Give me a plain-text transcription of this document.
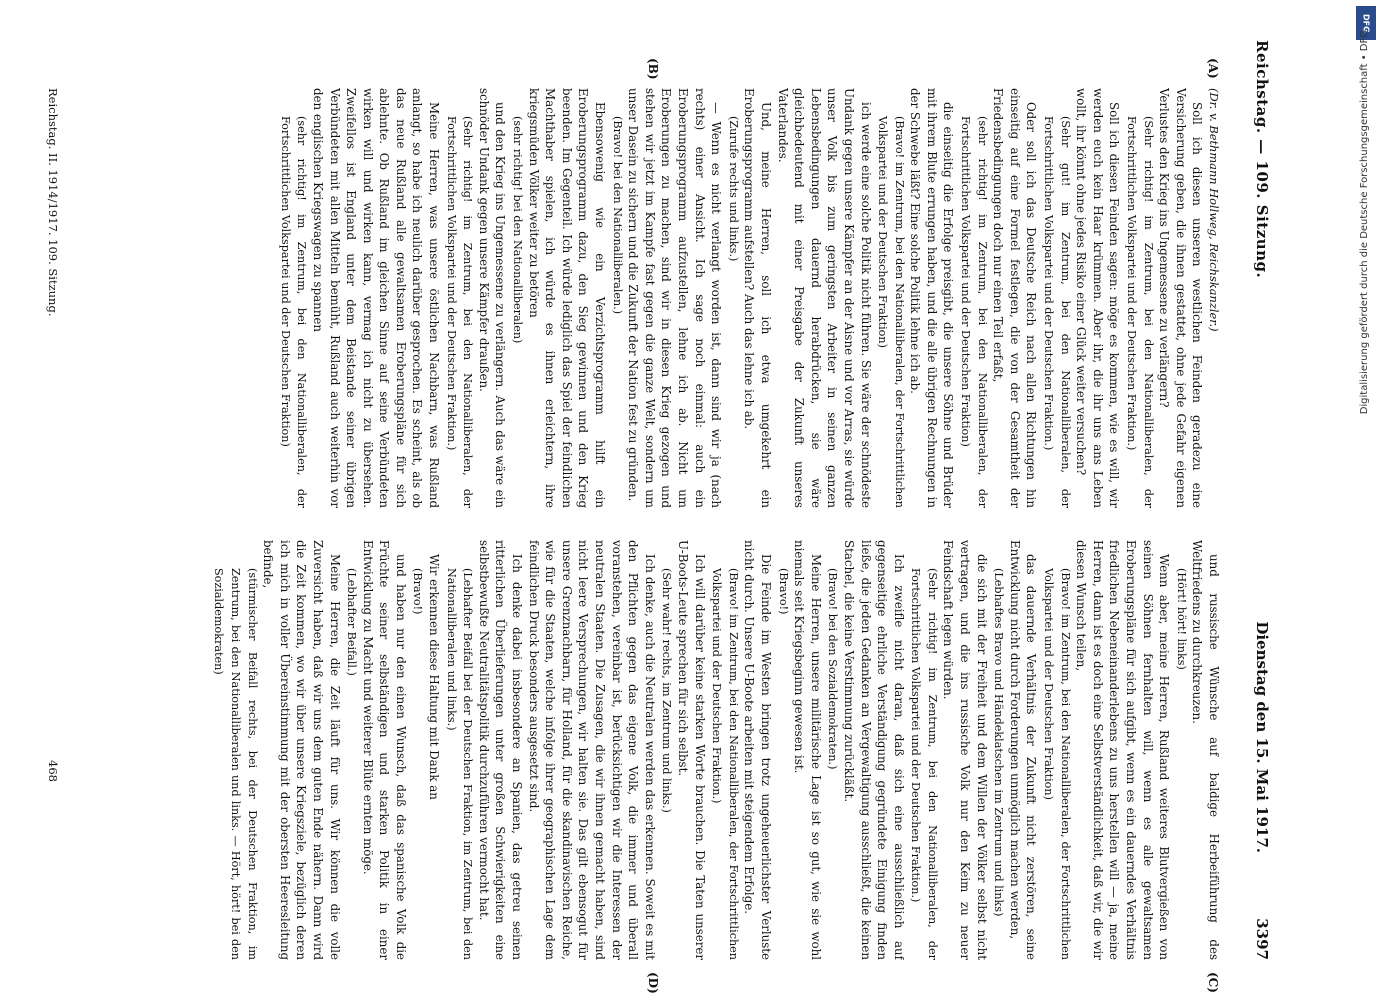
Reichstag. — 109. Sitzung.
Dienstag den 15. Mai 1917. 3397
(A)
(B)
(C)
(D)

(Dr. v. Bethmann Hollweg, Reichskanzler.)

Soll ich diesen unseren westlichen Feinden geradezu eine Versicherung geben, die ihnen gestattet, ohne jede Gefahr eigenen Verlustes den Krieg ins Ungemessene zu verlängern?

(Sehr richtig! im Zentrum, bei den Nationalliberalen, der Fortschrittlichen Volkspartei und der Deutschen Fraktion.)

Soll ich diesen Feinden sagen: möge es kommen, wie es will, wir werden euch kein Haar krümmen. Aber ihr, die ihr uns ans Leben wollt, ihr könnt ohne jedes Risiko einer Glück weiter versuchen?

(Sehr gut! im Zentrum, bei den Nationalliberalen, der Fortschrittlichen Volkspartei und der Deutschen Fraktion.)

Oder soll ich das Deutsche Reich nach allen Richtungen hin einseitig auf eine Formel festlegen, die von der Gesamtheit der Friedensbedingungen doch nur einen Teil erfaßt,

(sehr richtig! im Zentrum, bei den Nationalliberalen, der Fortschrittlichen Volkspartei und der Deutschen Fraktion)

die einseitig die Erfolge preisgibt, die unsere Söhne und Brüder mit ihrem Blute errungen haben, und die alle übrigen Rechnungen in der Schwebe läßt? Eine solche Politik lehne ich ab.

(Bravo! im Zentrum, bei den Nationalliberalen, der Fortschrittlichen Volkspartei und der Deutschen Fraktion)

ich werde eine solche Politik nicht führen. Sie wäre der schnödeste Undank gegen unsere Kämpfer an der Aisne und vor Arras, sie würde unser Volk bis zum geringsten Arbeiter in seinen ganzen Lebensbedingungen dauernd herabdrücken, sie wäre gleichbedeutend mit einer Preisgabe der Zukunft unseres Vaterlandes.

Und, meine Herren, soll ich etwa umgekehrt ein Eroberungsprogramm aufstellen? Auch das lehne ich ab.

(Zurufe rechts und links.)

— Wenn es nicht verlangt worden ist, dann sind wir ja (nach rechts) einer Ansicht. Ich sage noch einmal: auch ein Eroberungsprogramm aufzustellen, lehne ich ab. Nicht um Eroberungen zu machen, sind wir in diesen Krieg gezogen und stehen wir jetzt im Kampfe fast gegen die ganze Welt, sondern um unser Dasein zu sichern und die Zukunft der Nation fest zu gründen.

(Bravo! bei den Nationalliberalen.)

Ebensowenig wie ein Verzichtsprogramm hilft ein Eroberungsprogramm dazu, den Sieg gewinnen und den Krieg beenden. Im Gegenteil. Ich würde lediglich das Spiel der feindlichen Machthaber spielen, ich würde es ihnen erleichtern, ihre kriegsmüden Völker weiter zu betören

(sehr richtig! bei den Nationalliberalen)

und den Krieg ins Ungemessene zu verlängern. Auch das wäre ein schnöder Undank gegen unsere Kämpfer draußen.

(Sehr richtig! im Zentrum, bei den Nationalliberalen, der Fortschrittlichen Volkspartei und der Deutschen Fraktion.)

Meine Herren, was unsere östlichen Nachbarn, was Rußland anlangt, so habe ich neulich darüber gesprochen. Es scheint, als ob das neue Rußland alle gewaltsamen Eroberungspläne für sich ablehnte. Ob Rußland im gleichen Sinne auf seine Verbündeten wirken will und wirken kann, vermag ich nicht zu übersehen. Zweifellos ist England unter dem Beistande seiner übrigen Verbündeten mit allen Mitteln bemüht, Rußland auch weiterhin vor den englischen Kriegswagen zu spannen

(sehr richtig! im Zentrum, bei den Nationalliberalen, der Fortschrittlichen Volkspartei und der Deutschen Fraktion)

und russische Wünsche auf baldige Herbeiführung des Weltfriedens zu durchkreuzen.

(Hört! hört! links)

Wenn aber, meine Herren, Rußland weiteres Blutvergießen von seinen Söhnen fernhalten will, wenn es alle gewaltsamen Eroberungspläne für sich aufgibt, wenn es ein dauerndes Verhältnis friedlichen Nebeneinanderlebens zu uns herstellen will — ja, meine Herren, dann ist es doch eine Selbstverständlichkeit, daß wir, die wir diesen Wunsch teilen,

(Bravo! im Zentrum, bei den Nationalliberalen, der Fortschrittlichen Volkspartei und der Deutschen Fraktion)

das dauernde Verhältnis der Zukunft nicht zerstören, seine Entwicklung nicht durch Forderungen unmöglich machen werden,

(Lebhaftes Bravo und Händeklatschen im Zentrum und links)

die sich mit der Freiheit und dem Willen der Völker selbst nicht vertragen, und die ins russische Volk nur den Keim zu neuer Feindschaft legen würden.

(Sehr richtig! im Zentrum, bei den Nationalliberalen, der Fortschrittlichen Volkspartei und der Deutschen Fraktion.)

Ich zweifle nicht daran, daß sich eine ausschließlich auf gegenseitige ehrliche Verständigung gegründete Einigung finden ließe, die jeden Gedanken an Vergewaltigung ausschließt, die keinen Stachel, die keine Verstimmung zurückläßt.

(Bravo! bei den Sozialdemokraten.)

Meine Herren, unsere militärische Lage ist so gut, wie sie wohl niemals seit Kriegsbeginn gewesen ist.

(Bravo!)

Die Feinde im Westen bringen trotz ungeheuerlichster Verluste nicht durch. Unsere U-Boote arbeiten mit steigendem Erfolge.

(Bravo! im Zentrum, bei den Nationalliberalen, der Fortschrittlichen Volkspartei und der Deutschen Fraktion.)

Ich will darüber keine starken Worte brauchen. Die Taten unserer U-Boots-Leute sprechen für sich selbst.

(Sehr wahr! rechts, im Zentrum und links.)

Ich denke, auch die Neutralen werden das erkennen. Soweit es mit den Pflichten gegen das eigene Volk, die immer und überall voranstehen, vereinbar ist, berücksichtigen wir die Interessen der neutralen Staaten. Die Zusagen, die wir ihnen gemacht haben, sind nicht leere Versprechungen, wir halten sie. Das gilt ebensogut für unsere Grenznachbarn, für Holland, für die skandinavischen Reiche, wie für die Staaten, welche infolge ihrer geographischen Lage dem feindlichen Druck besonders ausgesetzt sind.

Ich denke dabei insbesondere an Spanien, das getreu seinen ritterlichen Überlieferungen unter großen Schwierigkeiten eine selbstbewußte Neutralitätspolitik durchzuführen vermocht hat.

(Lebhafter Beifall bei der Deutschen Fraktion, im Zentrum, bei den Nationalliberalen und links.)

Wir erkennen diese Haltung mit Dank an

(Bravo!)

und haben nur den einen Wunsch, daß das spanische Volk die Früchte seiner selbständigen und starken Politik in einer Entwicklung zu Macht und weiterer Blüte ernten möge.

(Lebhafter Beifall.)

Meine Herren, die Zeit läuft für uns. Wir können die volle Zuversicht haben, daß wir uns dem guten Ende nähern. Dann wird die Zeit kommen, wo wir über unsere Kriegsziele, bezüglich deren ich mich in voller Übereinstimmung mit der obersten Heeresleitung befinde,

(stürmischer Beifall rechts, bei der Deutschen Fraktion, im Zentrum, bei den Nationalliberalen und links. — Hört, hört! bei den Sozialdemokraten)

Reichstag. II. 1914/1917. 109. Sitzung.
468
DFG
Digitalisierung gefördert durch die Deutsche Forschungsgemeinschaft • DFG
